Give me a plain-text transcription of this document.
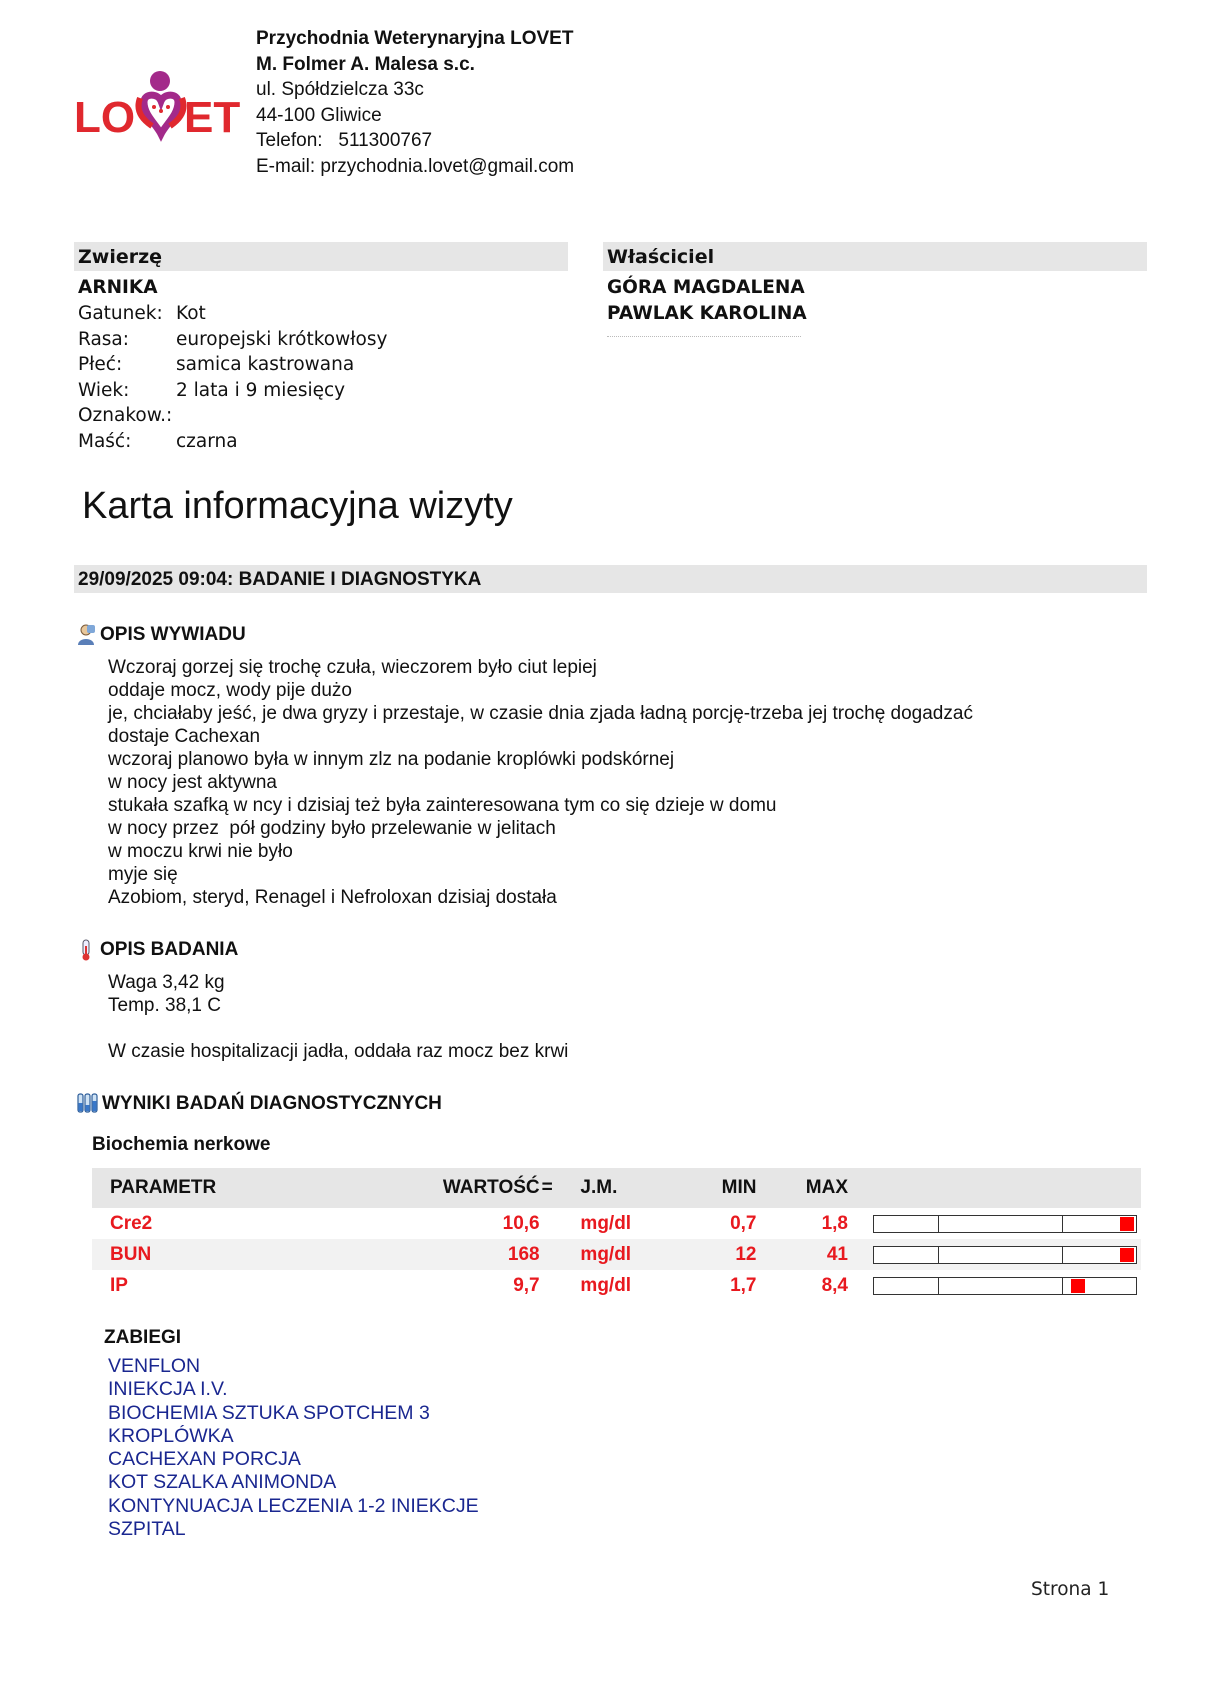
LO ET
Przychodnia Weterynaryjna LOVET
M. Folmer A. Malesa s.c.
ul. Spółdzielcza 33c
44-100 Gliwice
Telefon: 511300767
E-mail: przychodnia.lovet@gmail.com
Zwierzę	Właściciel
ARNIKA
Gatunek: Kot
Rasa:	europejski krótkowłosy
Płeć:	samica kastrowana
Wiek:	2 lata i 9 miesięcy
Oznakow.:
Maść:	czarna
GÓRA MAGDALENA
PAWLAK KAROLINA
Karta informacyjna wizyty
29/09/2025 09:04: BADANIE I DIAGNOSTYKA
OPIS WYWIADU
Wczoraj gorzej się trochę czuła, wieczorem było ciut lepiej
oddaje mocz, wody pije dużo
je, chciałaby jeść, je dwa gryzy i przestaje, w czasie dnia zjada ładną porcję-trzeba jej trochę dogadzać
dostaje Cachexan
wczoraj planowo była w innym zlz na podanie kroplówki podskórnej
w nocy jest aktywna
stukała szafką w ncy i dzisiaj też była zainteresowana tym co się dzieje w domu
w nocy przez  pół godziny było przelewanie w jelitach
w moczu krwi nie było
myje się
Azobiom, steryd, Renagel i Nefroloxan dzisiaj dostała
OPIS BADANIA
Waga 3,42 kg
Temp. 38,1 C
W czasie hospitalizacji jadła, oddała raz mocz bez krwi
WYNIKI BADAŃ DIAGNOSTYCZNYCH
Biochemia nerkowe
PARAMETR	WARTOŚĆ	=	J.M.	MIN	MAX	
Cre2	10,6		mg/dl	0,7	1,8	

BUN	168		mg/dl	12	41	

IP	9,7		mg/dl	1,7	8,4	
ZABIEGI
VENFLON
INIEKCJA I.V.
BIOCHEMIA SZTUKA SPOTCHEM 3
KROPLÓWKA
CACHEXAN PORCJA
KOT SZALKA ANIMONDA
KONTYNUACJA LECZENIA 1-2 INIEKCJE
SZPITAL
Strona 1
